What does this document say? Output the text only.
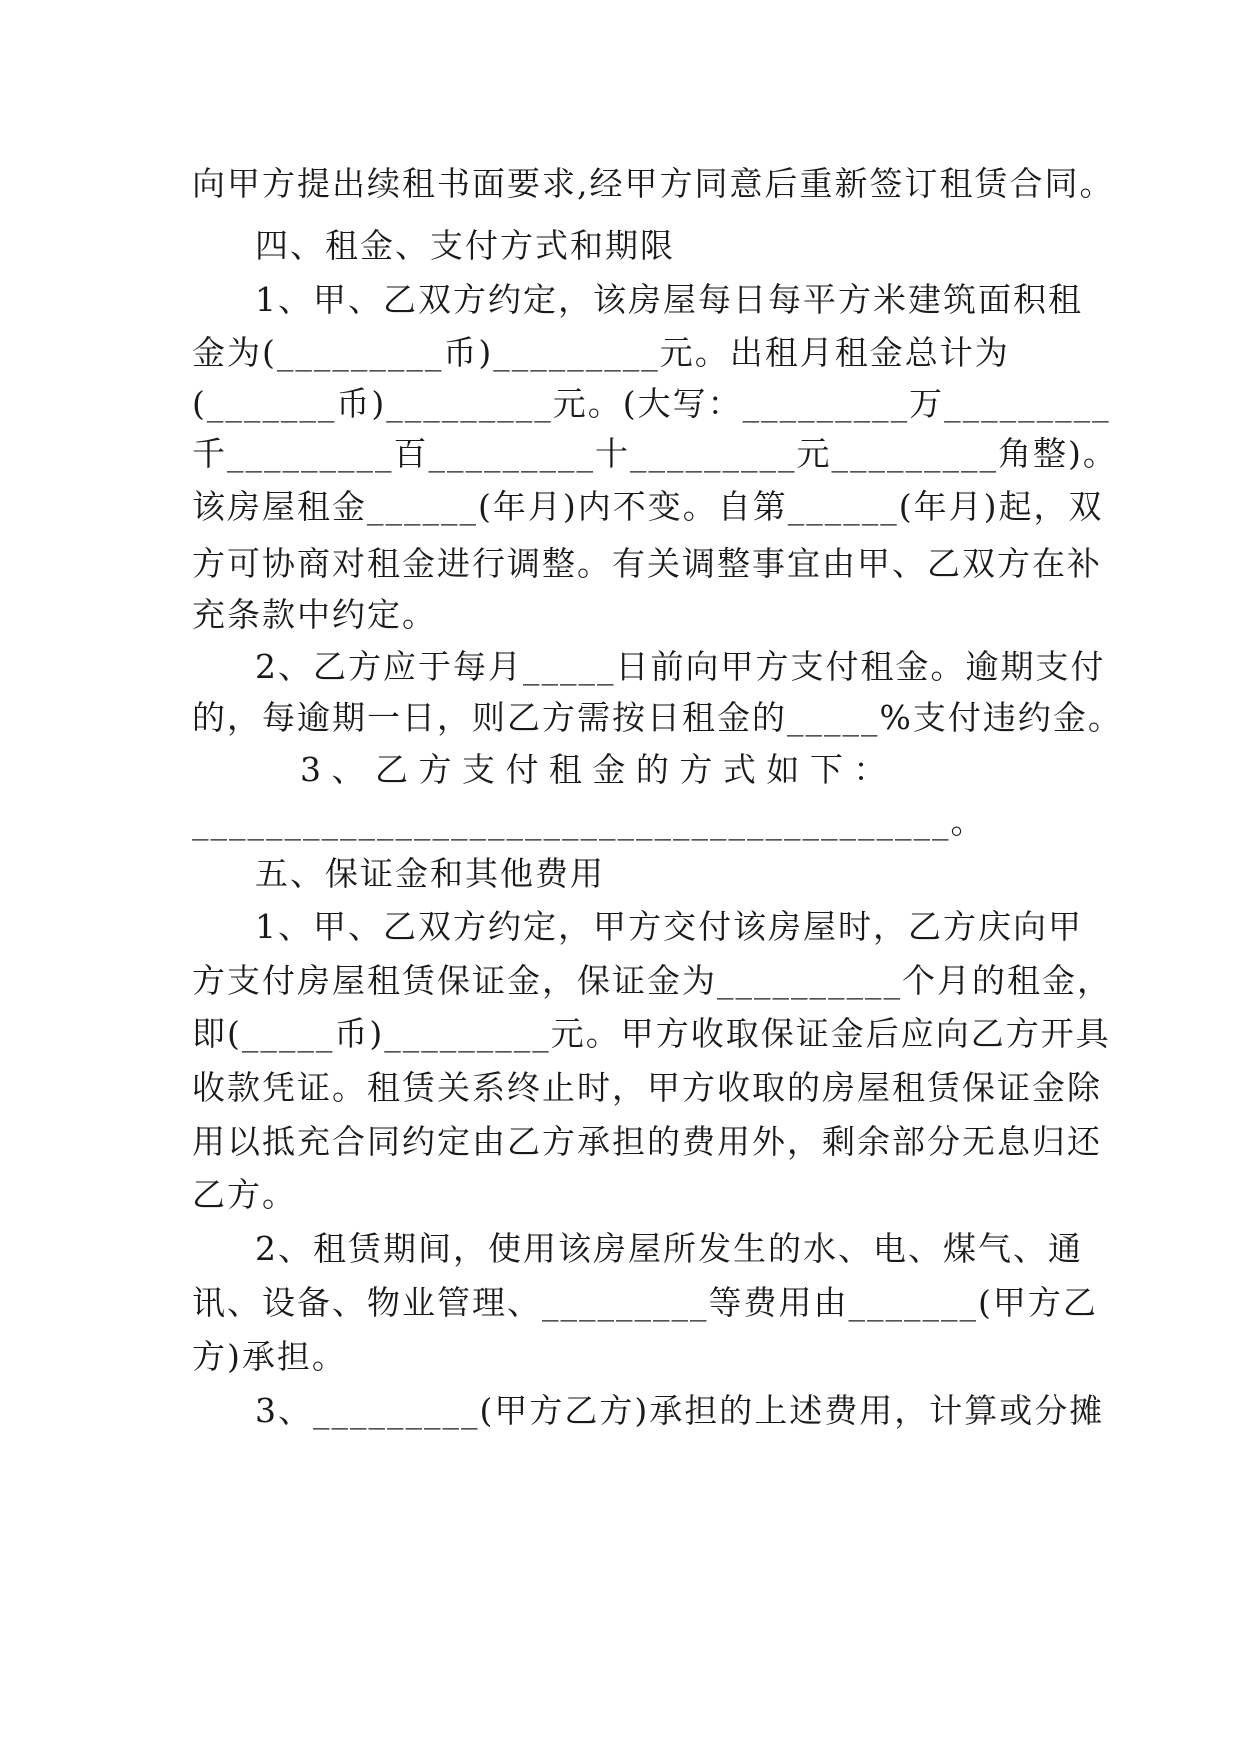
向甲方提出续租书面要求,经甲方同意后重新签订租赁合同。
四、租金、支付方式和期限
1、甲、乙双方约定，该房屋每日每平方米建筑面积租
金为(_________币)_________元。出租月租金总计为
(_______币)_________元。(大写：_________万_________
千_________百_________十_________元_________角整)。
该房屋租金______(年月)内不变。自第______(年月)起，双
方可协商对租金进行调整。有关调整事宜由甲、乙双方在补
充条款中约定。
2、乙方应于每月_____日前向甲方支付租金。逾期支付
的，每逾期一日，则乙方需按日租金的_____%支付违约金。
3 、 乙 方 支 付 租 金 的 方 式 如 下 ：
_________________________________________。
五、保证金和其他费用
1、甲、乙双方约定，甲方交付该房屋时，乙方庆向甲
方支付房屋租赁保证金，保证金为__________个月的租金，
即(_____币)_________元。甲方收取保证金后应向乙方开具
收款凭证。租赁关系终止时，甲方收取的房屋租赁保证金除
用以抵充合同约定由乙方承担的费用外，剩余部分无息归还
乙方。
2、租赁期间，使用该房屋所发生的水、电、煤气、通
讯、设备、物业管理、_________等费用由_______(甲方乙
方)承担。
3、_________(甲方乙方)承担的上述费用，计算或分摊
